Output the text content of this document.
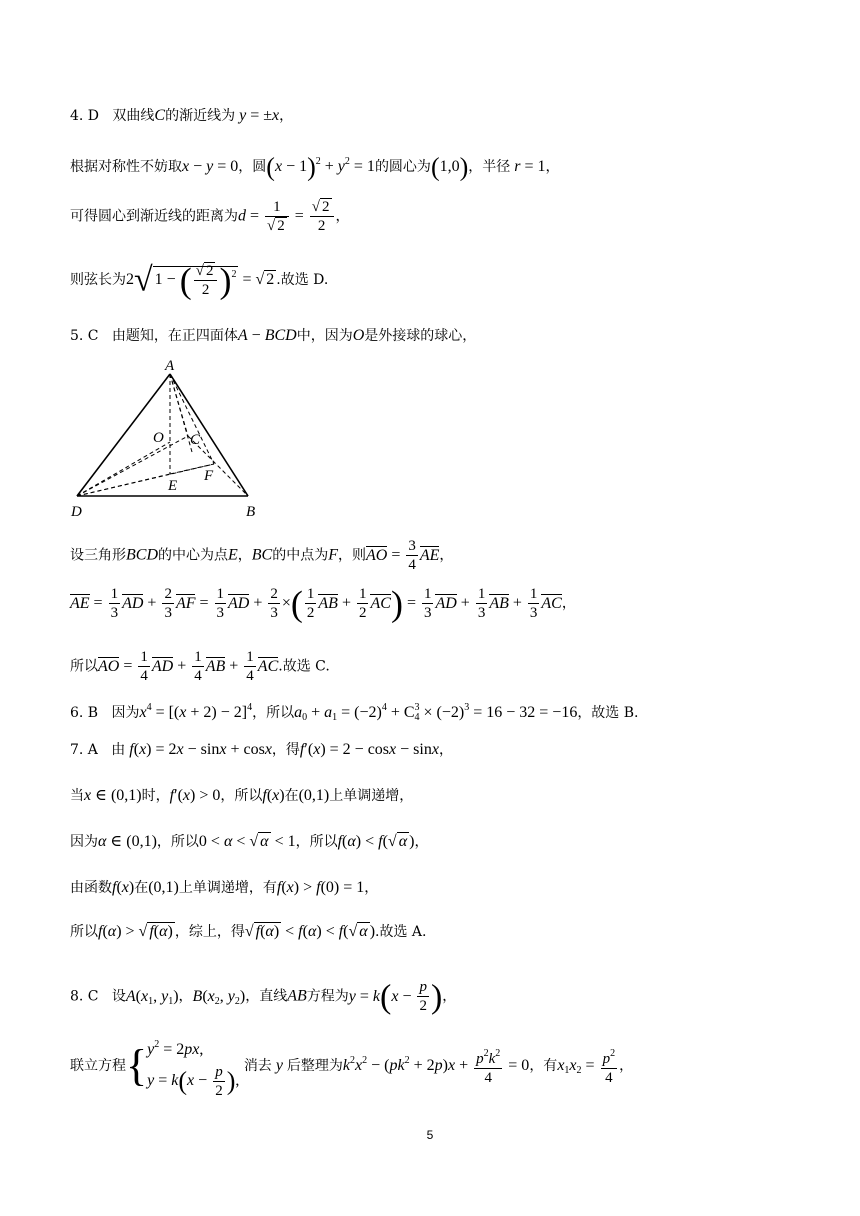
4. D 双曲线C的渐近线为 y = ±x，
根据对称性不妨取x − y = 0，圆$(x - 1)^2 + y^2 = 1$的圆心为(1,0)，半径 r = 1，
可得圆心到渐近线的距离为$d = \frac{1}{√ 2} = \frac{√ 2}{2}$ ，
则弦长为2√ 1 − ( $\frac{√ 2}{2} )^2$ = √ 2 .故选 D.
5. C 由题知，在正四面体A − BCD中，因为O是外接球的球心，
A
O C
E
F
D	B
设三角形BCD的中心为点E，BC的中点为F，则AO = $\frac{3}{4}$ AE，
AE = $\frac{1}{3}$ AD + $\frac{2}{3}$ AF = $\frac{1}{3}$ AD + $\frac{2}{3}$ ×( $\frac{1}{2}$ AB + $\frac{1}{2} AC) = \frac{1}{3}$ AD + $\frac{1}{3}$ AB + $\frac{1}{3}$ AC，
所以AO = $\frac{1}{4}$ AD + $\frac{1}{4}$ AB + $\frac{1}{4}$ AC.故选 C.
6. B 因为$x^4 = [(x + 2) - 2]^4$，所以$a_0 + a_1 = (-2)^4 + C_4^3 \times (-2)^3 = 16 - 32 = -16$，故选 B.
7. A 由 f(x) = 2x − sinx + cosx，得f′(x) = 2 − cosx − sinx，
当x ∈ (0,1)时，f′(x) > 0，所以f(x)在(0,1)上单调递增，
因为α ∈ (0,1)，所以0 < α < √ α < 1，所以f(α) < f(√ α )，
由函数f(x)在(0,1)上单调递增，有f(x) > f(0) = 1，
所以f(α) > √ f(α) ，综上，得√ f(α) < f(α) < f(√ α ).故选 A.
8. C 设$A(x_1$, $y_1$)，$B(x_2$, $y_2$)，直线AB方程为$y = k(x - \frac{p}{2}$ )，
联立方程{ $y^2 = 2px$,
$y = k(x - \frac{p}{2}$ ),
消去 y 后整理为$k^2x^2 - (pk^2 + 2p)x + \frac{p^2k^2}{4} = 0$，有$x_1x_2 = \frac{p^2}{4}$ ，
5
